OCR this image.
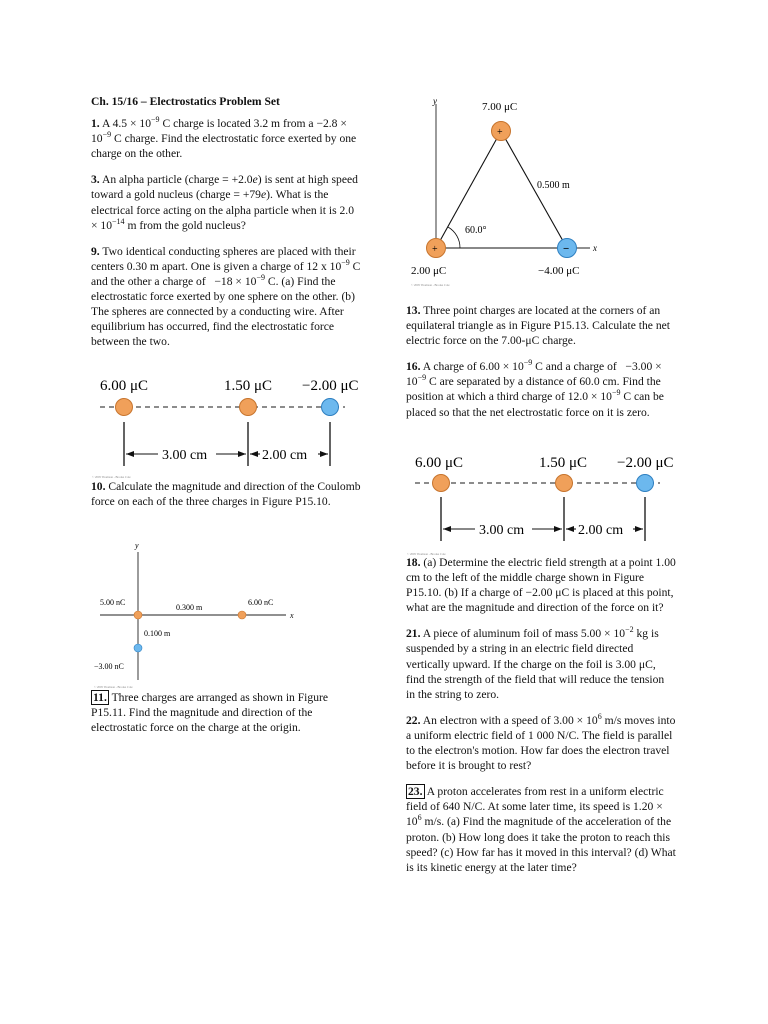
Ch. 15/16 – Electrostatics Problem Set

1. A $4.5 \times 10^{-9}$ C charge is located 3.2 m from $a -2.8 \times 10^{-9}$ C charge. Find the electrostatic force exerted by one charge on the other.

3. An alpha particle (charge = +2.0e) is sent at high speed toward a gold nucleus (charge = +79e). What is the electrical force acting on the alpha particle when it is $2.0 \times 10^{-14}$ m from the gold nucleus?

9. Two identical conducting spheres are placed with their centers 0.30 m apart. One is given a charge of 12 x $10^{-9}$ C and the other a charge of   $-18 \times 10^{-9}$ C. (a) Find the electrostatic force exerted by one sphere on the other. (b) The spheres are connected by a conducting wire. After equilibrium has occurred, find the electrostatic force between the two.

6.00 μC	1.50 μC −2.00 μC
3.00 cm	2.00 cm
© 2005 Thomson - Brooks Cole

10. Calculate the magnitude and direction of the Coulomb force on each of the three charges in Figure P15.10.

y
x
5.00 nC	6.00 nC
0.300 m
0.100 m
−3.00 nC
© 2005 Thomson - Brooks Cole

11. Three charges are arranged as shown in Figure P15.11. Find the magnitude and direction of the electrostatic force on the charge at the origin.

y
x
60.0°
0.500 m
7.00 μC
2.00 μC	−4.00 μC
+
+	−
© 2005 Thomson - Brooks Cole

13. Three point charges are located at the corners of an equilateral triangle as in Figure P15.13. Calculate the net electric force on the 7.00-μC charge.

16. A charge of $6.00 \times 10^{-9}$ C and a charge of   $-3.00 \times 10^{-9}$ C are separated by a distance of 60.0 cm. Find the position at which a third charge of $12.0 \times 10^{-9}$ C can be placed so that the net electrostatic force on it is zero.

6.00 μC	1.50 μC −2.00 μC
3.00 cm	2.00 cm
© 2005 Thomson - Brooks Cole

18. (a) Determine the electric field strength at a point 1.00 cm to the left of the middle charge shown in Figure P15.10. (b) If a charge of −2.00 μC is placed at this point, what are the magnitude and direction of the force on it?

21. A piece of aluminum foil of mass $5.00 \times 10^{-2}$ kg is suspended by a string in an electric field directed vertically upward. If the charge on the foil is 3.00 μC, find the strength of the field that will reduce the tension in the string to zero.

22. An electron with a speed of $3.00 \times 10^6$ m/s moves into a uniform electric field of 1 000 N/C. The field is parallel to the electron's motion. How far does the electron travel before it is brought to rest?

23. A proton accelerates from rest in a uniform electric field of 640 N/C. At some later time, its speed is $1.20 \times 10^6$ m/s. (a) Find the magnitude of the acceleration of the proton. (b) How long does it take the proton to reach this speed? (c) How far has it moved in this interval? (d) What is its kinetic energy at the later time?
